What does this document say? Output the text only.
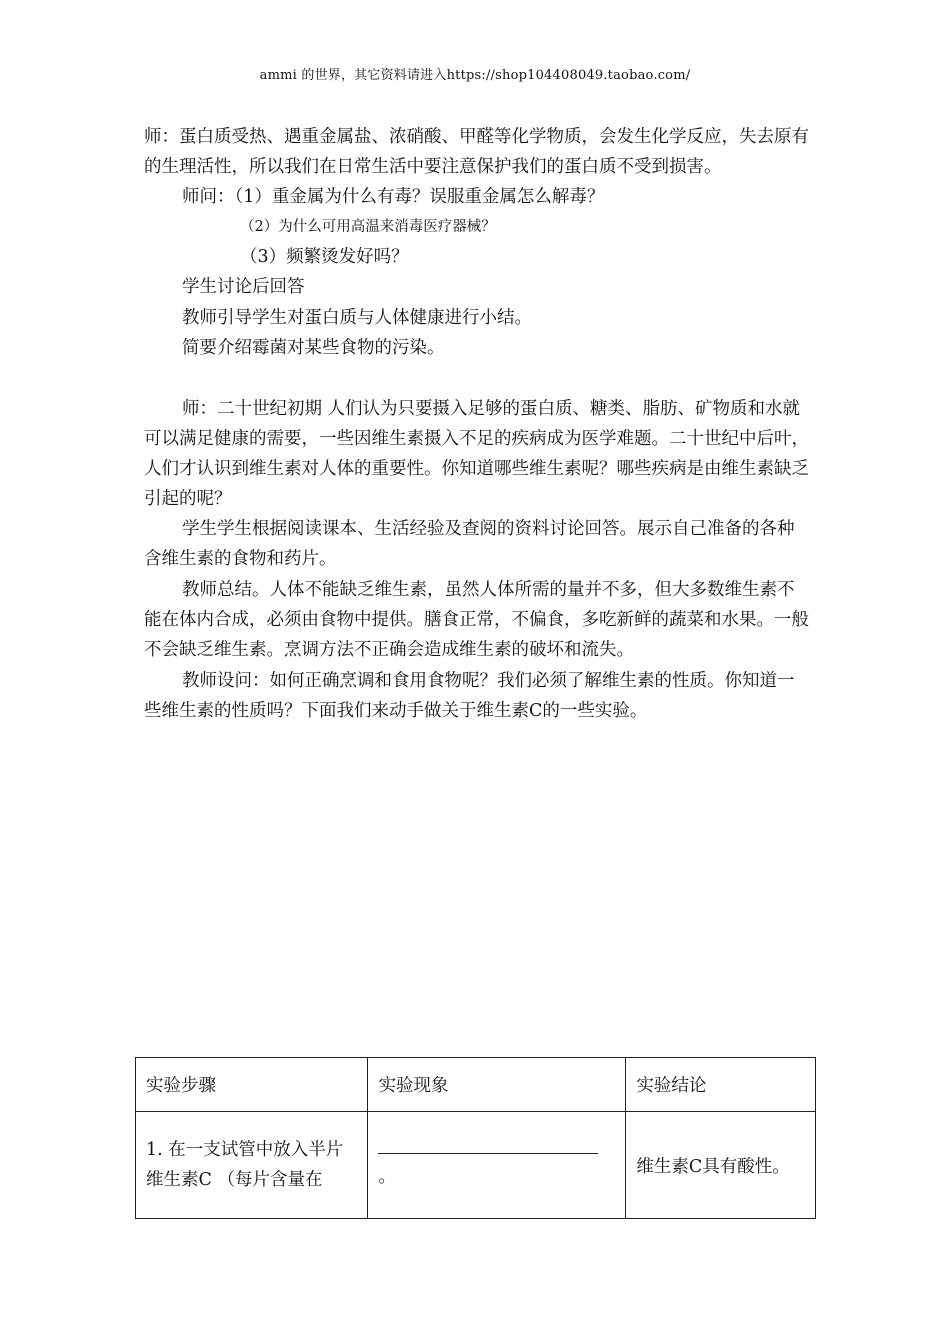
ammi 的世界，其它资料请进入https://shop104408049.taobao.com/

师：蛋白质受热、遇重金属盐、浓硝酸、甲醛等化学物质，会发生化学反应，失去原有的生理活性，所以我们在日常生活中要注意保护我们的蛋白质不受到损害。

师问：（1）重金属为什么有毒？误服重金属怎么解毒？
（2）为什么可用高温来消毒医疗器械？
（3）频繁烫发好吗？
学生讨论后回答
教师引导学生对蛋白质与人体健康进行小结。
简要介绍霉菌对某些食物的污染。

师：二十世纪初期 人们认为只要摄入足够的蛋白质、糖类、脂肪、矿物质和水就可以满足健康的需要，一些因维生素摄入不足的疾病成为医学难题。二十世纪中后叶，人们才认识到维生素对人体的重要性。你知道哪些维生素呢？哪些疾病是由维生素缺乏引起的呢？

学生学生根据阅读课本、生活经验及查阅的资料讨论回答。展示自己准备的各种含维生素的食物和药片。

教师总结。人体不能缺乏维生素，虽然人体所需的量并不多，但大多数维生素不能在体内合成，必须由食物中提供。膳食正常，不偏食，多吃新鲜的蔬菜和水果。一般不会缺乏维生素。烹调方法不正确会造成维生素的破坏和流失。

教师设问：如何正确烹调和食用食物呢？我们必须了解维生素的性质。你知道一些维生素的性质吗？下面我们来动手做关于维生素C的一些实验。

实验步骤	实验现象	实验结论
1. 在一支试管中放入半片维生素C （每片含量在	。	维生素C具有酸性。
